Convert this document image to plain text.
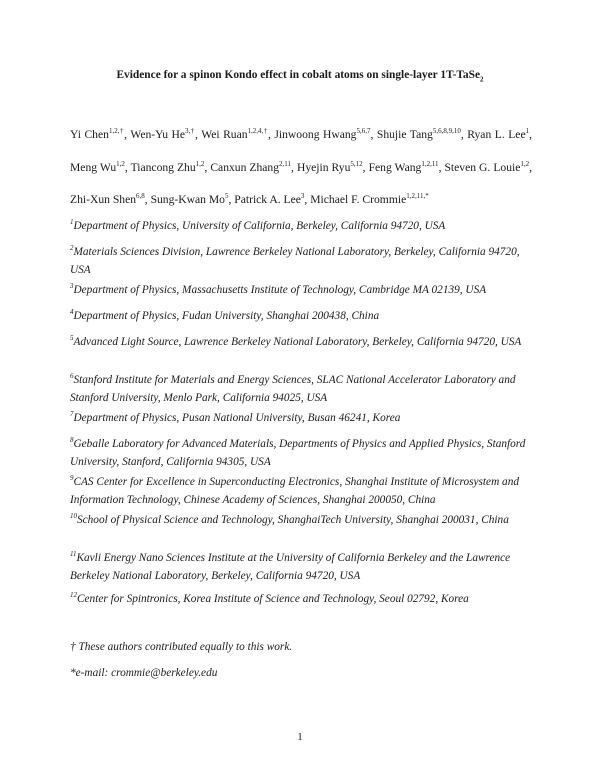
Evidence for a spinon Kondo effect in cobalt atoms on single-layer 1T-TaSe$_2$
Yi Chen$^{1,2,\dagger}$, Wen-Yu $He^{3,\dagger}$, Wei Ruan$^{1,2,4,\dagger}$, Jinwoong Hwang$^{5,6,7}$, Shujie Tang$^{5,6,8,9,10}$, Ryan L. Lee$^1$, Meng Wu$^{1,2}$, Tiancong Zhu$^{1,2}$, Canxun Zhang$^{2,11}$, Hyejin Ryu$^{5,12}$, Feng Wang$^{1,2,11}$, Steven G. Louie$^{1,2}$, Zhi-Xun Shen$^{6,8}$, Sung-Kwan Mo$^5$, Patrick A. Lee$^3$, Michael F. Crommie$^{1,2,11,*}$
$^1$Department of Physics, University of California, Berkeley, California 94720, USA
$^2$Materials Sciences Division, Lawrence Berkeley National Laboratory, Berkeley, California 94720, USA
$^3$Department of Physics, Massachusetts Institute of Technology, Cambridge MA 02139, USA
$^4$Department of Physics, Fudan University, Shanghai 200438, China
$^5$Advanced Light Source, Lawrence Berkeley National Laboratory, Berkeley, California 94720, USA
$^6$Stanford Institute for Materials and Energy Sciences, SLAC National Accelerator Laboratory and Stanford University, Menlo Park, California 94025, USA
$^7$Department of Physics, Pusan National University, Busan 46241, Korea
$^8$Geballe Laboratory for Advanced Materials, Departments of Physics and Applied Physics, Stanford University, Stanford, California 94305, USA
$^9$CAS Center for Excellence in Superconducting Electronics, Shanghai Institute of Microsystem and Information Technology, Chinese Academy of Sciences, Shanghai 200050, China
$^{10}$School of Physical Science and Technology, ShanghaiTech University, Shanghai 200031, China
$^{11}$Kavli Energy Nano Sciences Institute at the University of California Berkeley and the Lawrence Berkeley National Laboratory, Berkeley, California 94720, USA
$^{12}$Center for Spintronics, Korea Institute of Science and Technology, Seoul 02792, Korea
† These authors contributed equally to this work.
*e-mail: crommie@berkeley.edu
1
